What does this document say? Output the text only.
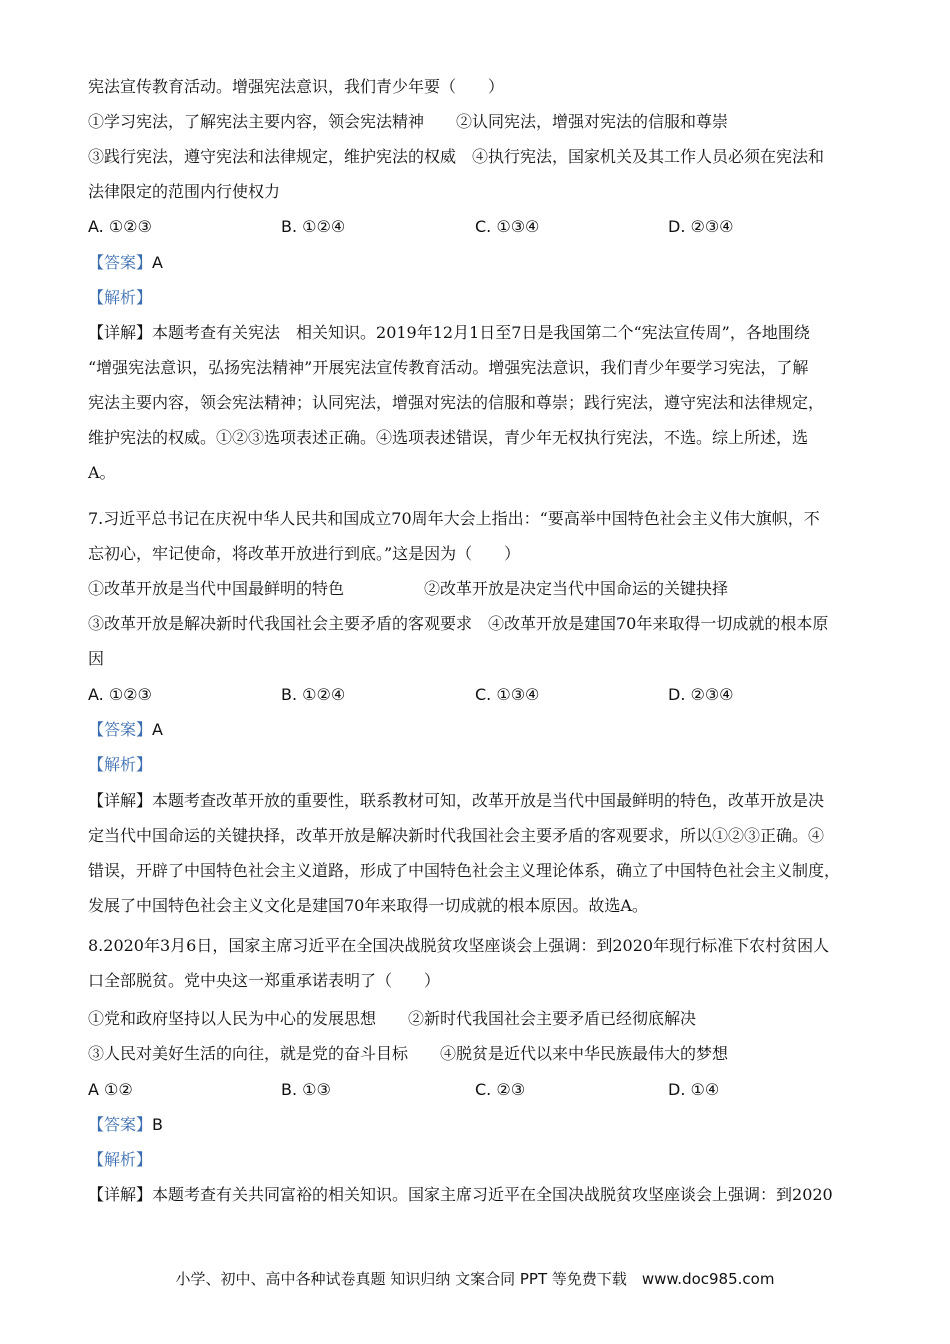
宪法宣传教育活动。增强宪法意识，我们青少年要（　　）
①学习宪法，了解宪法主要内容，领会宪法精神　　②认同宪法，增强对宪法的信服和尊崇
③践行宪法，遵守宪法和法律规定，维护宪法的权威　④执行宪法，国家机关及其工作人员必须在宪法和
法律限定的范围内行使权力
A. ①②③	B. ①②④	C. ①③④	D. ②③④
【答案】A
【解析】
【详解】本题考查有关宪法　相关知识。2019年12月1日至7日是我国第二个“宪法宣传周”，各地围绕
“增强宪法意识，弘扬宪法精神”开展宪法宣传教育活动。增强宪法意识，我们青少年要学习宪法，了解
宪法主要内容，领会宪法精神；认同宪法，增强对宪法的信服和尊崇；践行宪法，遵守宪法和法律规定，
维护宪法的权威。①②③选项表述正确。④选项表述错误，青少年无权执行宪法，不选。综上所述，选
A。
7.习近平总书记在庆祝中华人民共和国成立70周年大会上指出：“要高举中国特色社会主义伟大旗帜，不
忘初心，牢记使命，将改革开放进行到底。”这是因为（　　）
①改革开放是当代中国最鲜明的特色　　　　　②改革开放是决定当代中国命运的关键抉择
③改革开放是解决新时代我国社会主要矛盾的客观要求　④改革开放是建国70年来取得一切成就的根本原
因
A. ①②③	B. ①②④	C. ①③④	D. ②③④
【答案】A
【解析】
【详解】本题考查改革开放的重要性，联系教材可知，改革开放是当代中国最鲜明的特色，改革开放是决
定当代中国命运的关键抉择，改革开放是解决新时代我国社会主要矛盾的客观要求，所以①②③正确。④
错误，开辟了中国特色社会主义道路，形成了中国特色社会主义理论体系，确立了中国特色社会主义制度，
发展了中国特色社会主义文化是建国70年来取得一切成就的根本原因。故选A。
8.2020年3月6日，国家主席习近平在全国决战脱贫攻坚座谈会上强调：到2020年现行标准下农村贫困人
口全部脱贫。党中央这一郑重承诺表明了（　　）
①党和政府坚持以人民为中心的发展思想　　②新时代我国社会主要矛盾已经彻底解决
③人民对美好生活的向往，就是党的奋斗目标　　④脱贫是近代以来中华民族最伟大的梦想
A ①②	B. ①③	C. ②③	D. ①④
【答案】B
【解析】
【详解】本题考查有关共同富裕的相关知识。国家主席习近平在全国决战脱贫攻坚座谈会上强调：到2020
小学、初中、高中各种试卷真题 知识归纳 文案合同 PPT 等免费下载　www.doc985.com
